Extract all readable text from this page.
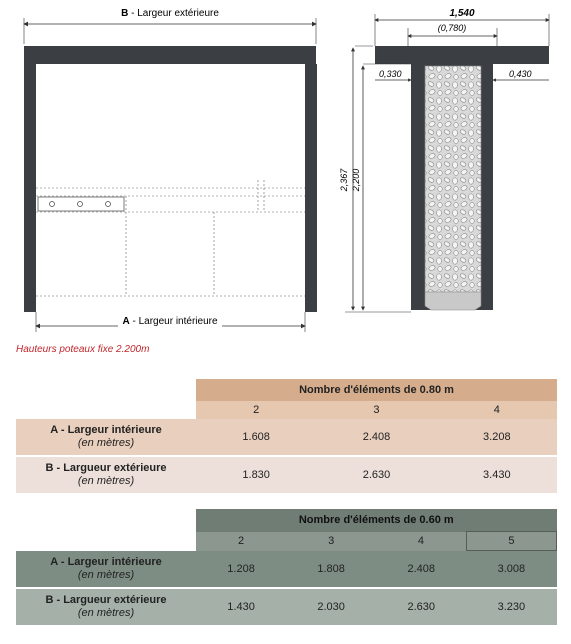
B - Largeur extérieure
A - Largeur intérieure
1,540
(0,780)
0,330	0,430
2,367 2,200
Hauteurs poteaux fixe 2.200m
	Nombre d'éléments de 0.80 m		
	2	3	4

A - Largeur intérieure
(en mètres)	1.608	2.408	3.208

B - Largueur extérieure
(en mètres)	1.830	2.630	3.430
	Nombre d'éléments de 0.60 m			
	2	3	4	5

A - Largeur intérieure
(en mètres)	1.208	1.808	2.408	3.008

B - Largueur extérieure
(en mètres)	1.430	2.030	2.630	3.230
